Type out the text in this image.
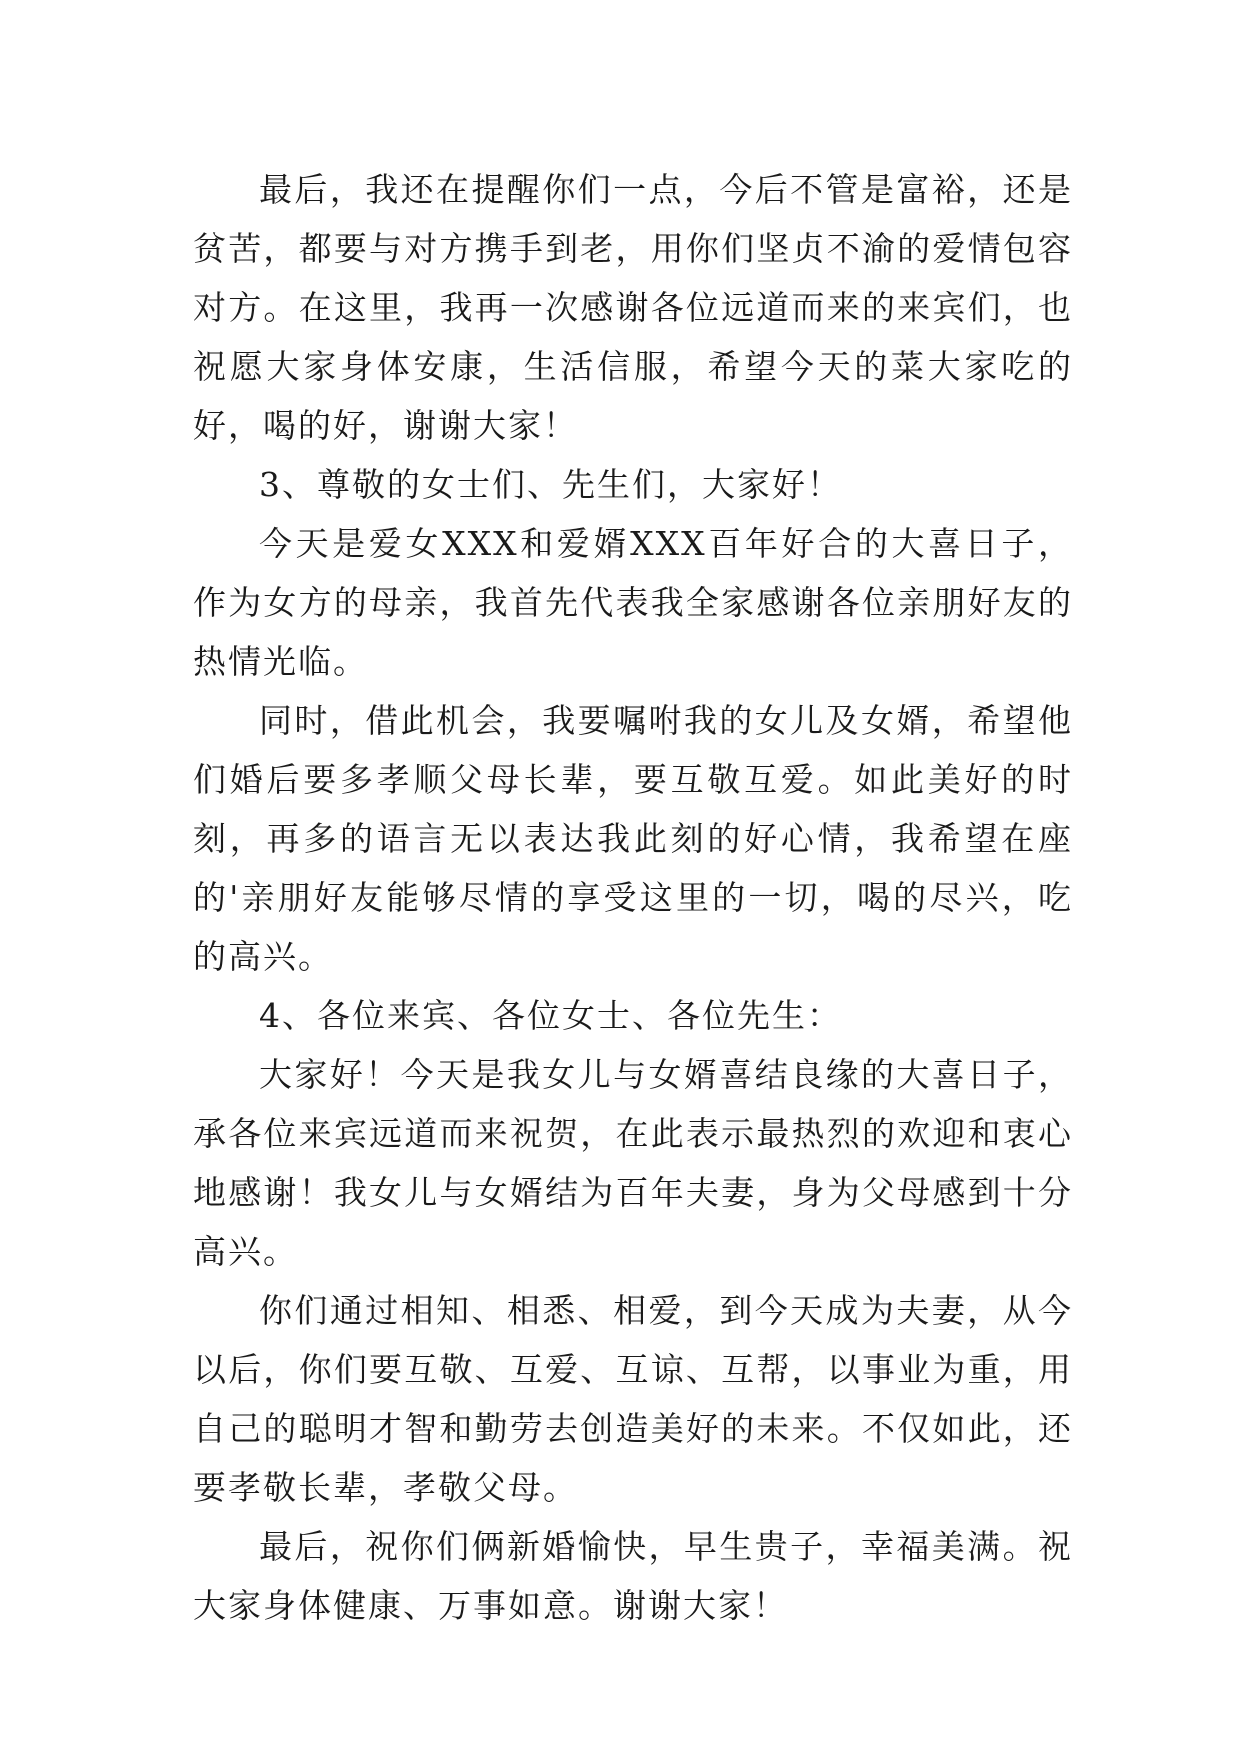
最后，我还在提醒你们一点，今后不管是富裕，还是贫苦，都要与对方携手到老，用你们坚贞不渝的爱情包容对方。在这里，我再一次感谢各位远道而来的来宾们，也祝愿大家身体安康，生活信服，希望今天的菜大家吃的好，喝的好，谢谢大家！

3、尊敬的女士们、先生们，大家好！

今天是爱女XXX和爱婿XXX百年好合的大喜日子，作为女方的母亲，我首先代表我全家感谢各位亲朋好友的热情光临。

同时，借此机会，我要嘱咐我的女儿及女婿，希望他们婚后要多孝顺父母长辈，要互敬互爱。如此美好的时刻，再多的语言无以表达我此刻的好心情，我希望在座的'亲朋好友能够尽情的享受这里的一切，喝的尽兴，吃的高兴。

4、各位来宾、各位女士、各位先生：

大家好！今天是我女儿与女婿喜结良缘的大喜日子，承各位来宾远道而来祝贺，在此表示最热烈的欢迎和衷心地感谢！我女儿与女婿结为百年夫妻，身为父母感到十分高兴。

你们通过相知、相悉、相爱，到今天成为夫妻，从今以后，你们要互敬、互爱、互谅、互帮，以事业为重，用自己的聪明才智和勤劳去创造美好的未来。不仅如此，还要孝敬长辈，孝敬父母。

最后，祝你们俩新婚愉快，早生贵子，幸福美满。祝大家身体健康、万事如意。谢谢大家！
